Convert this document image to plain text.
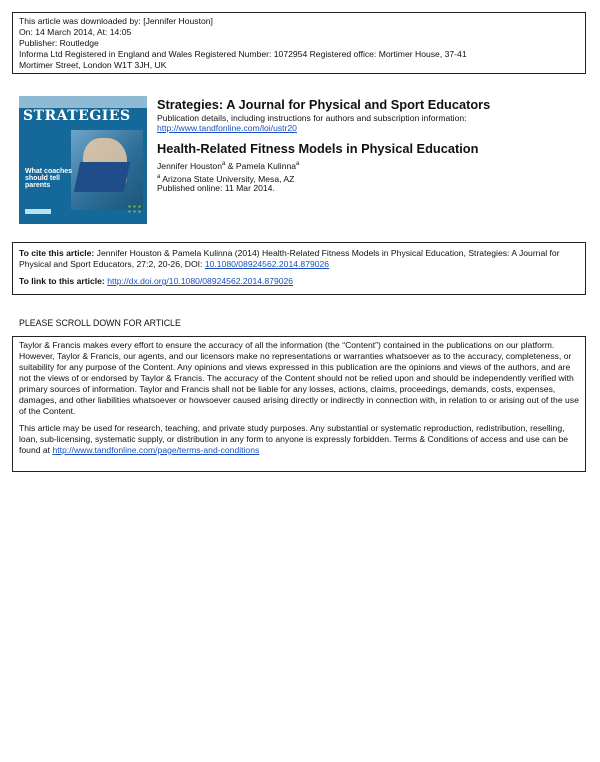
This article was downloaded by: [Jennifer Houston]
On: 14 March 2014, At: 14:05
Publisher: Routledge
Informa Ltd Registered in England and Wales Registered Number: 1072954 Registered office: Mortimer House, 37-41
Mortimer Street, London W1T 3JH, UK
STRATEGIES
What coaches should tell parents
Strategies: A Journal for Physical and Sport Educators
Publication details, including instructions for authors and subscription information:
http://www.tandfonline.com/loi/ustr20
Health-Related Fitness Models in Physical Education
Jennifer Houston$^a$ & Pamela Kulinna$^a$
$^a$ Arizona State University, Mesa, AZ
Published online: 11 Mar 2014.
To cite this article: Jennifer Houston & Pamela Kulinna (2014) Health-Related Fitness Models in Physical Education, Strategies: A Journal for Physical and Sport Educators, 27:2, 20-26, DOI: 10.1080/08924562.2014.879026
To link to this article: http://dx.doi.org/10.1080/08924562.2014.879026
PLEASE SCROLL DOWN FOR ARTICLE

Taylor & Francis makes every effort to ensure the accuracy of all the information (the “Content”) contained in the publications on our platform. However, Taylor & Francis, our agents, and our licensors make no representations or warranties whatsoever as to the accuracy, completeness, or suitability for any purpose of the Content. Any opinions and views expressed in this publication are the opinions and views of the authors, and are not the views of or endorsed by Taylor & Francis. The accuracy of the Content should not be relied upon and should be independently verified with primary sources of information. Taylor and Francis shall not be liable for any losses, actions, claims, proceedings, demands, costs, expenses, damages, and other liabilities whatsoever or howsoever caused arising directly or indirectly in connection with, in relation to or arising out of the use of the Content.

This article may be used for research, teaching, and private study purposes. Any substantial or systematic reproduction, redistribution, reselling, loan, sub-licensing, systematic supply, or distribution in any form to anyone is expressly forbidden. Terms & Conditions of access and use can be found at http://www.tandfonline.com/page/terms-and-conditions
